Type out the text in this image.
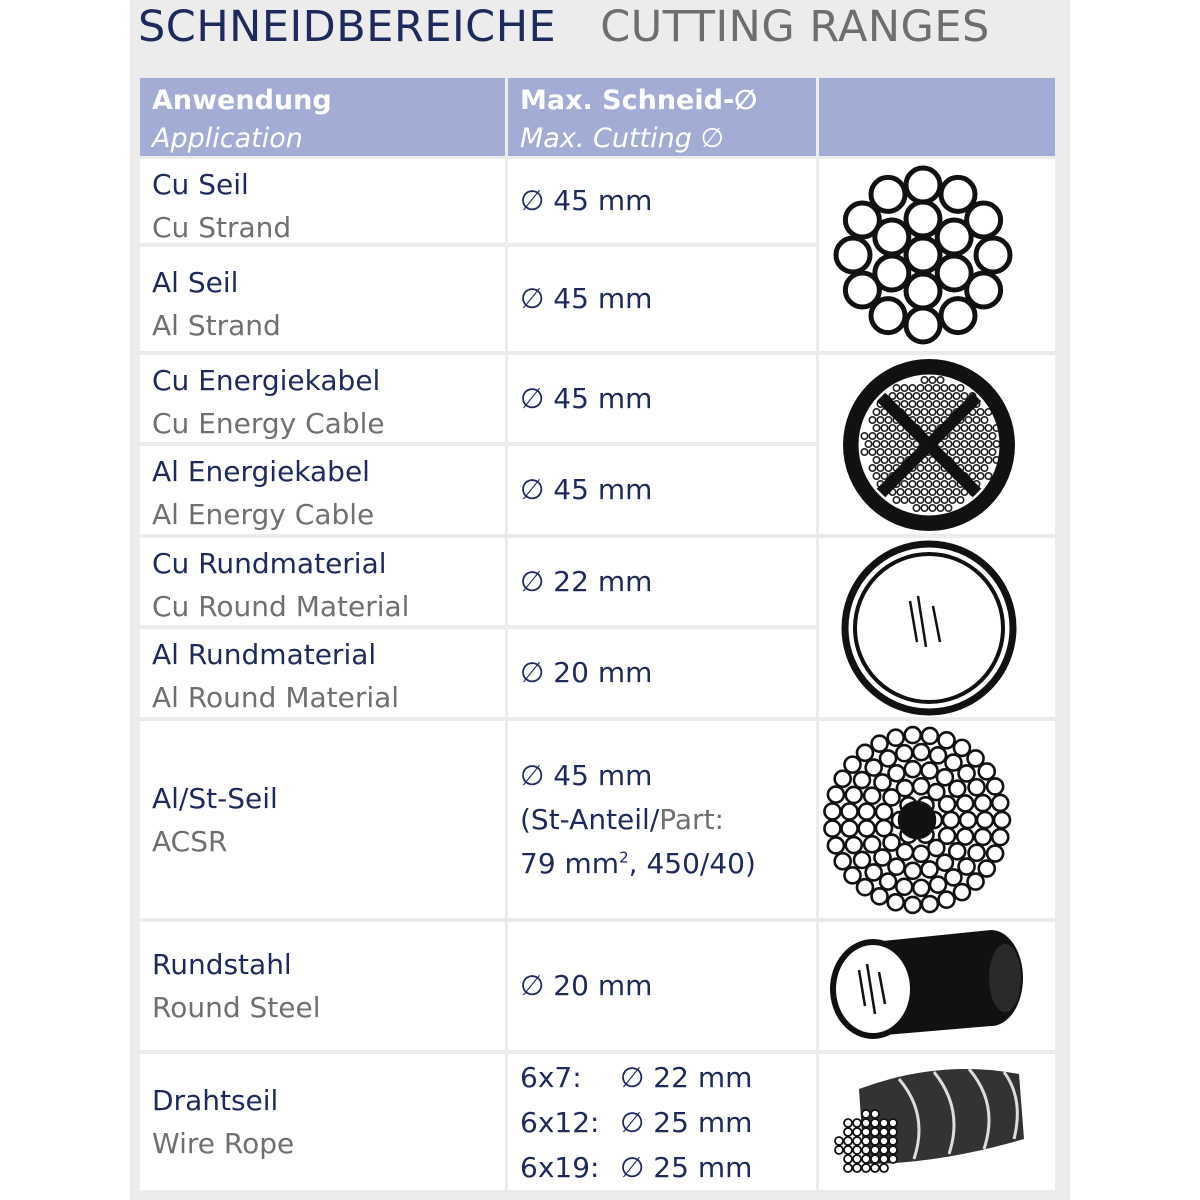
SCHNEIDBEREICHE CUTTING RANGES
Anwendung
Application
Max. Schneid-∅
Max. Cutting ∅
Cu Seil
Cu Strand
∅ 45 mm
Al Seil
Al Strand
∅ 45 mm
Cu Energiekabel
Cu Energy Cable
∅ 45 mm
Al Energiekabel
Al Energy Cable
∅ 45 mm
Cu Rundmaterial
Cu Round Material
∅ 22 mm
Al Rundmaterial
Al Round Material
∅ 20 mm
Al/St-Seil
ACSR
∅ 45 mm
(St-Anteil/Part:
79 $mm^2$, 450/40)
Rundstahl
Round Steel
∅ 20 mm
Drahtseil
Wire Rope
6x7:	∅ 22 mm
6x12: ∅ 25 mm
6x19: ∅ 25 mm
